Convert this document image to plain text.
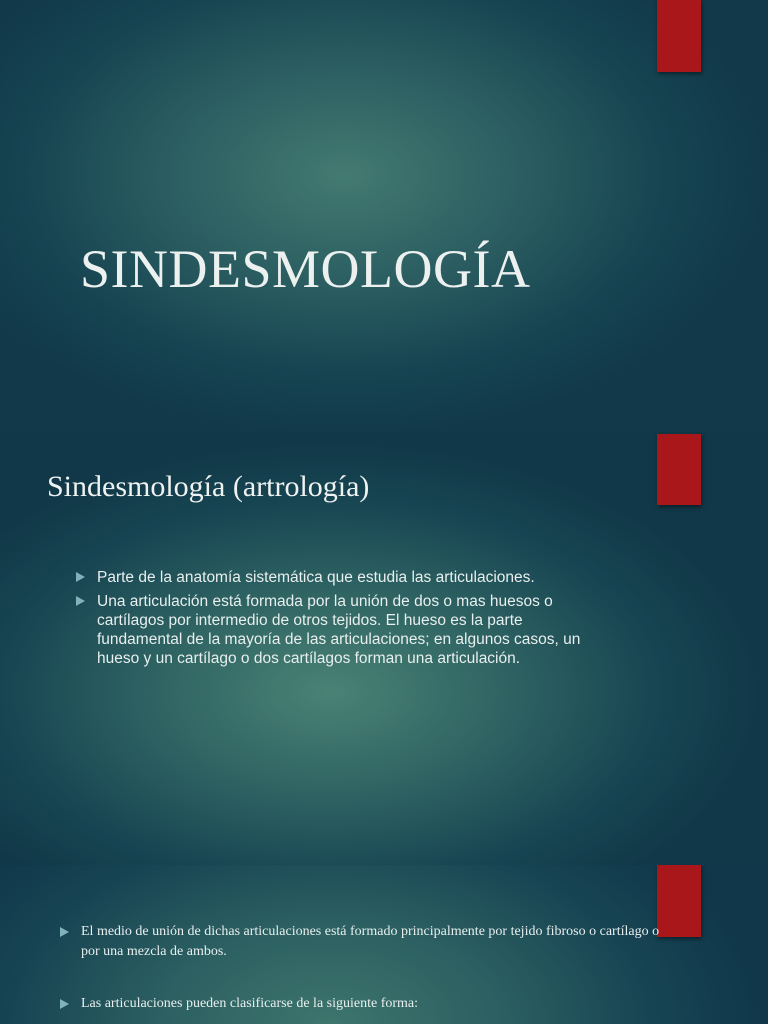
SINDESMOLOGÍA
Sindesmología (artrología)
Parte de la anatomía sistemática que estudia las articulaciones.
Una articulación está formada por la unión de dos o mas huesos o cartílagos por intermedio de otros tejidos. El hueso es la parte fundamental de la mayoría de las articulaciones; en algunos casos, un hueso y un cartílago o dos cartílagos forman una articulación.
El medio de unión de dichas articulaciones está formado principalmente por tejido fibroso o cartílago o por una mezcla de ambos.
Las articulaciones pueden clasificarse de la siguiente forma:
